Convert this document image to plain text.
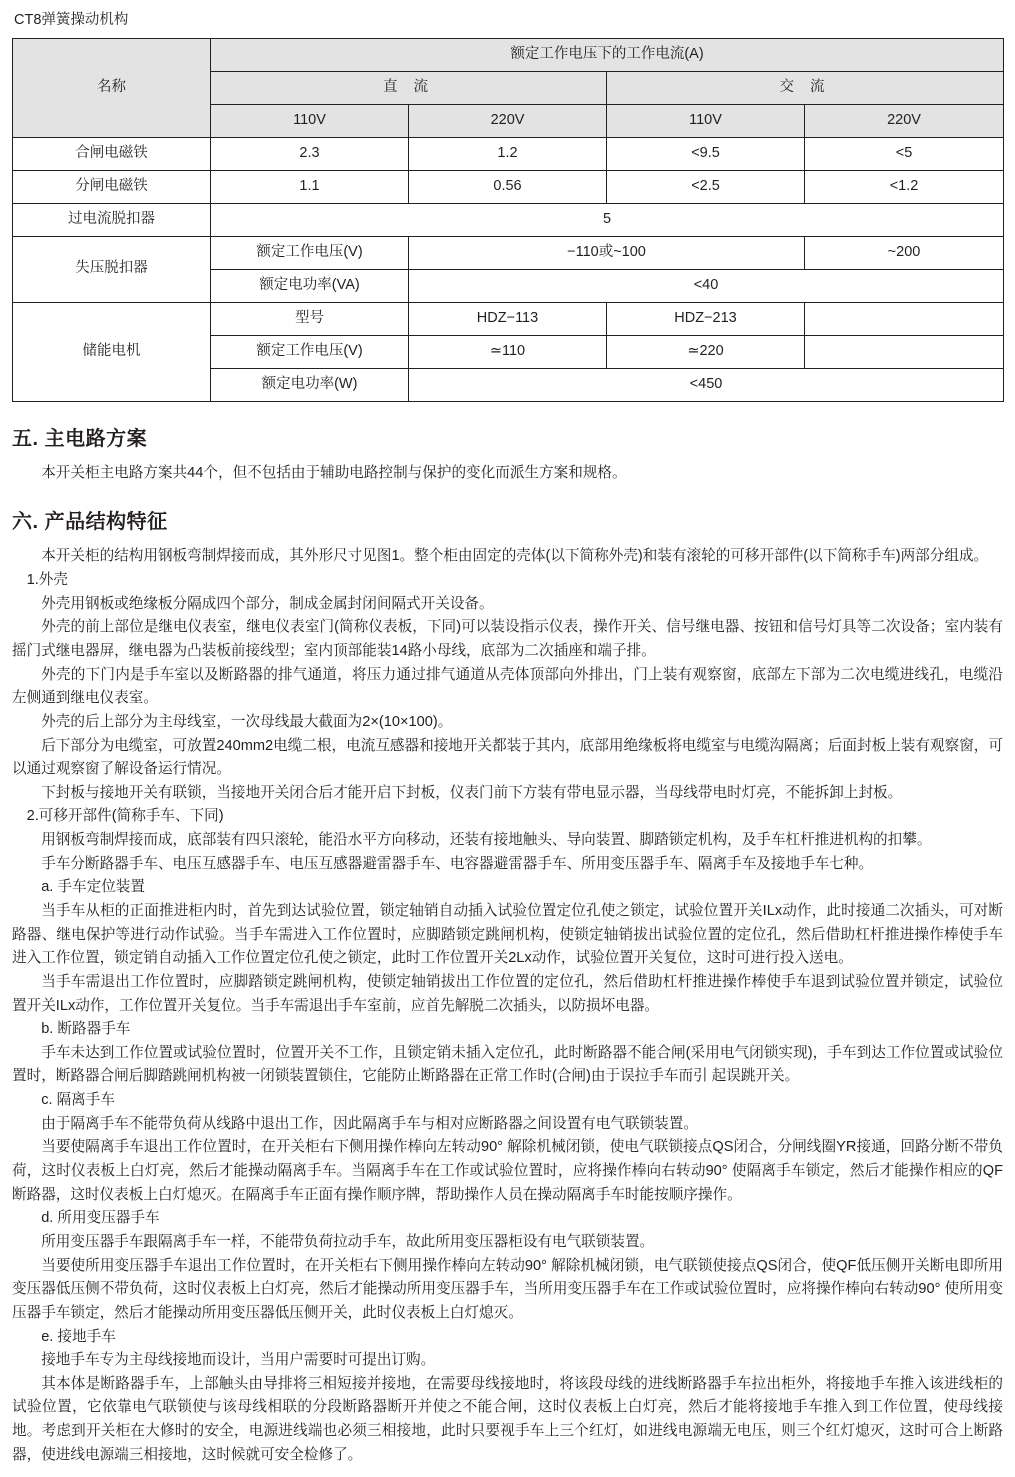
CT8弹簧操动机构
名称	额定工作电压下的工作电流(A)			
	直 流		交 流	
	110V	220V	110V	220V
合闸电磁铁	2.3	1.2	<9.5	<5
分闸电磁铁	1.1	0.56	<2.5	<1.2
过电流脱扣器	5			
失压脱扣器	额定工作电压(V)	−110或~100		~200
	额定电功率(VA)	<40		
储能电机	型号	HDZ−113	HDZ−213	
	额定工作电压(V)	≃110	≃220	
	额定电功率(W)	<450		
五. 主电路方案

本开关柜主电路方案共44个，但不包括由于辅助电路控制与保护的变化而派生方案和规格。

六. 产品结构特征

本开关柜的结构用钢板弯制焊接而成，其外形尺寸见图1。整个柜由固定的壳体(以下简称外壳)和装有滚轮的可移开部件(以下简称手车)两部分组成。

1.外壳

外壳用钢板或绝缘板分隔成四个部分，制成金属封闭间隔式开关设备。

外壳的前上部位是继电仪表室，继电仪表室门(简称仪表板，下同)可以装设指示仪表，操作开关、信号继电器、按钮和信号灯具等二次设备；室内装有摇门式继电器屏，继电器为凸装板前接线型；室内顶部能装14路小母线，底部为二次插座和端子排。

外壳的下门内是手车室以及断路器的排气通道，将压力通过排气通道从壳体顶部向外排出，门上装有观察窗，底部左下部为二次电缆进线孔，电缆沿左侧通到继电仪表室。

外壳的后上部分为主母线室，一次母线最大截面为2×(10×100)。

后下部分为电缆室，可放置240mm2电缆二根，电流互感器和接地开关都装于其内，底部用绝缘板将电缆室与电缆沟隔离；后面封板上装有观察窗，可以通过观察窗了解设备运行情况。

下封板与接地开关有联锁，当接地开关闭合后才能开启下封板，仪表门前下方装有带电显示器，当母线带电时灯亮，不能拆卸上封板。

2.可移开部件(简称手车、下同)

用钢板弯制焊接而成，底部装有四只滚轮，能沿水平方向移动，还装有接地触头、导向装置、脚踏锁定机构，及手车杠杆推进机构的扣攀。

手车分断路器手车、电压互感器手车、电压互感器避雷器手车、电容器避雷器手车、所用变压器手车、隔离手车及接地手车七种。

a. 手车定位装置

当手车从柜的正面推进柜内时，首先到达试验位置，锁定轴销自动插入试验位置定位孔使之锁定，试验位置开关ILx动作，此时接通二次插头，可对断路器、继电保护等进行动作试验。当手车需进入工作位置时，应脚踏锁定跳闸机构，使锁定轴销拔出试验位置的定位孔，然后借助杠杆推进操作棒使手车进入工作位置，锁定销自动插入工作位置定位孔使之锁定，此时工作位置开关2Lx动作，试验位置开关复位，这时可进行投入送电。

当手车需退出工作位置时，应脚踏锁定跳闸机构，使锁定轴销拔出工作位置的定位孔，然后借助杠杆推进操作棒使手车退到试验位置并锁定，试验位置开关ILx动作，工作位置开关复位。当手车需退出手车室前，应首先解脱二次插头，以防损坏电器。

b. 断路器手车

手车未达到工作位置或试验位置时，位置开关不工作，且锁定销未插入定位孔，此时断路器不能合闸(采用电气闭锁实现)，手车到达工作位置或试验位置时，断路器合闸后脚踏跳闸机构被一闭锁装置锁住，它能防止断路器在正常工作时(合闸)由于误拉手车而引 起误跳开关。

c. 隔离手车

由于隔离手车不能带负荷从线路中退出工作，因此隔离手车与相对应断路器之间设置有电气联锁装置。

当要使隔离手车退出工作位置时，在开关柜右下侧用操作棒向左转动90° 解除机械闭锁，使电气联锁接点QS闭合，分闸线圈YR接通，回路分断不带负荷，这时仪表板上白灯亮，然后才能操动隔离手车。当隔离手车在工作或试验位置时，应将操作棒向右转动90° 使隔离手车锁定，然后才能操作相应的QF断路器，这时仪表板上白灯熄灭。在隔离手车正面有操作顺序牌，帮助操作人员在操动隔离手车时能按顺序操作。

d. 所用变压器手车

所用变压器手车跟隔离手车一样，不能带负荷拉动手车，故此所用变压器柜设有电气联锁装置。

当要使所用变压器手车退出工作位置时，在开关柜右下侧用操作棒向左转动90° 解除机械闭锁，电气联锁使接点QS闭合，使QF低压侧开关断电即所用变压器低压侧不带负荷，这时仪表板上白灯亮，然后才能操动所用变压器手车，当所用变压器手车在工作或试验位置时，应将操作棒向右转动90° 使所用变压器手车锁定，然后才能操动所用变压器低压侧开关，此时仪表板上白灯熄灭。

e. 接地手车

接地手车专为主母线接地而设计，当用户需要时可提出订购。

其本体是断路器手车，上部触头由导排将三相短接并接地，在需要母线接地时，将该段母线的进线断路器手车拉出柜外，将接地手车推入该进线柜的试验位置，它依靠电气联锁使与该母线相联的分段断路器断开并使之不能合闸，这时仪表板上白灯亮，然后才能将接地手车推入到工作位置，使母线接地。考虑到开关柜在大修时的安全，电源进线端也必须三相接地，此时只要视手车上三个红灯，如进线电源端无电压，则三个红灯熄灭，这时可合上断路器，使进线电源端三相接地，这时候就可安全检修了。
